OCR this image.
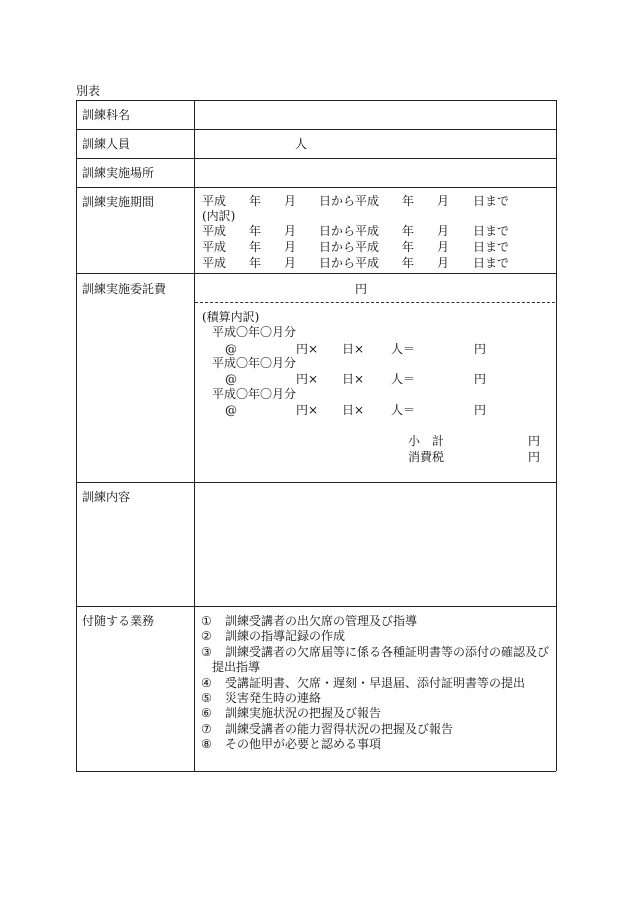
別表
訓練科名
訓練人員	人
訓練実施場所
訓練実施期間	平成 年 月 日から平成 年 月 日まで
(内訳)
平成 年 月 日から平成 年 月 日まで
平成 年 月 日から平成 年 月 日まで
平成 年 月 日から平成 年 月 日まで
訓練実施委託費	円
(積算内訳)
平成〇年〇月分
@	円× 日× 人＝	円
平成〇年〇月分
@	円× 日× 人＝	円
平成〇年〇月分
@	円× 日× 人＝	円
小　計	円
消費税	円
訓練内容
付随する業務	① 訓練受講者の出欠席の管理及び指導
② 訓練の指導記録の作成
③ 訓練受講者の欠席届等に係る各種証明書等の添付の確認及び
提出指導
④ 受講証明書、欠席・遅刻・早退届、添付証明書等の提出
⑤ 災害発生時の連絡
⑥ 訓練実施状況の把握及び報告
⑦ 訓練受講者の能力習得状況の把握及び報告
⑧ その他甲が必要と認める事項
